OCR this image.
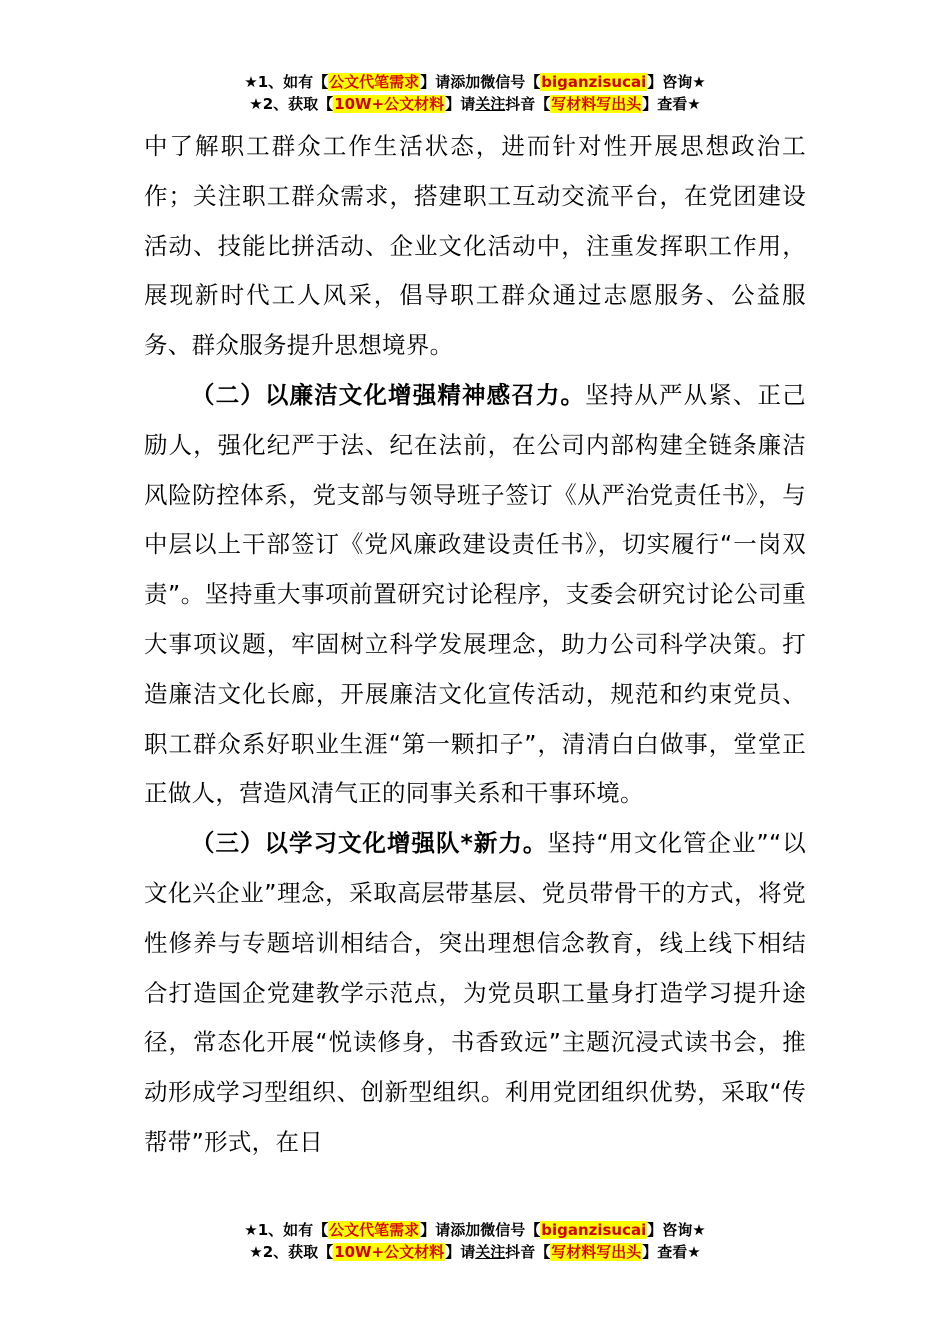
★1、如有【公文代笔需求】请添加微信号【biganzisucai】咨询★
★2、获取【10W+公文材料】请关注抖音【写材料写出头】查看★

中了解职工群众工作生活状态，进而针对性开展思想政治工作；关注职工群众需求，搭建职工互动交流平台，在党团建设活动、技能比拼活动、企业文化活动中，注重发挥职工作用，展现新时代工人风采，倡导职工群众通过志愿服务、公益服务、群众服务提升思想境界。

（二）以廉洁文化增强精神感召力。坚持从严从紧、正己励人，强化纪严于法、纪在法前，在公司内部构建全链条廉洁风险防控体系，党支部与领导班子签订《从严治党责任书》，与中层以上干部签订《党风廉政建设责任书》，切实履行“一岗双责”。坚持重大事项前置研究讨论程序，支委会研究讨论公司重大事项议题，牢固树立科学发展理念，助力公司科学决策。打造廉洁文化长廊，开展廉洁文化宣传活动，规范和约束党员、职工群众系好职业生涯“第一颗扣子”，清清白白做事，堂堂正正做人，营造风清气正的同事关系和干事环境。

（三）以学习文化增强队*新力。坚持“用文化管企业”“以文化兴企业”理念，采取高层带基层、党员带骨干的方式，将党性修养与专题培训相结合，突出理想信念教育，线上线下相结合打造国企党建教学示范点，为党员职工量身打造学习提升途径，常态化开展“悦读修身，书香致远”主题沉浸式读书会，推动形成学习型组织、创新型组织。利用党团组织优势，采取“传帮带”形式，在日

★1、如有【公文代笔需求】请添加微信号【biganzisucai】咨询★
★2、获取【10W+公文材料】请关注抖音【写材料写出头】查看★
